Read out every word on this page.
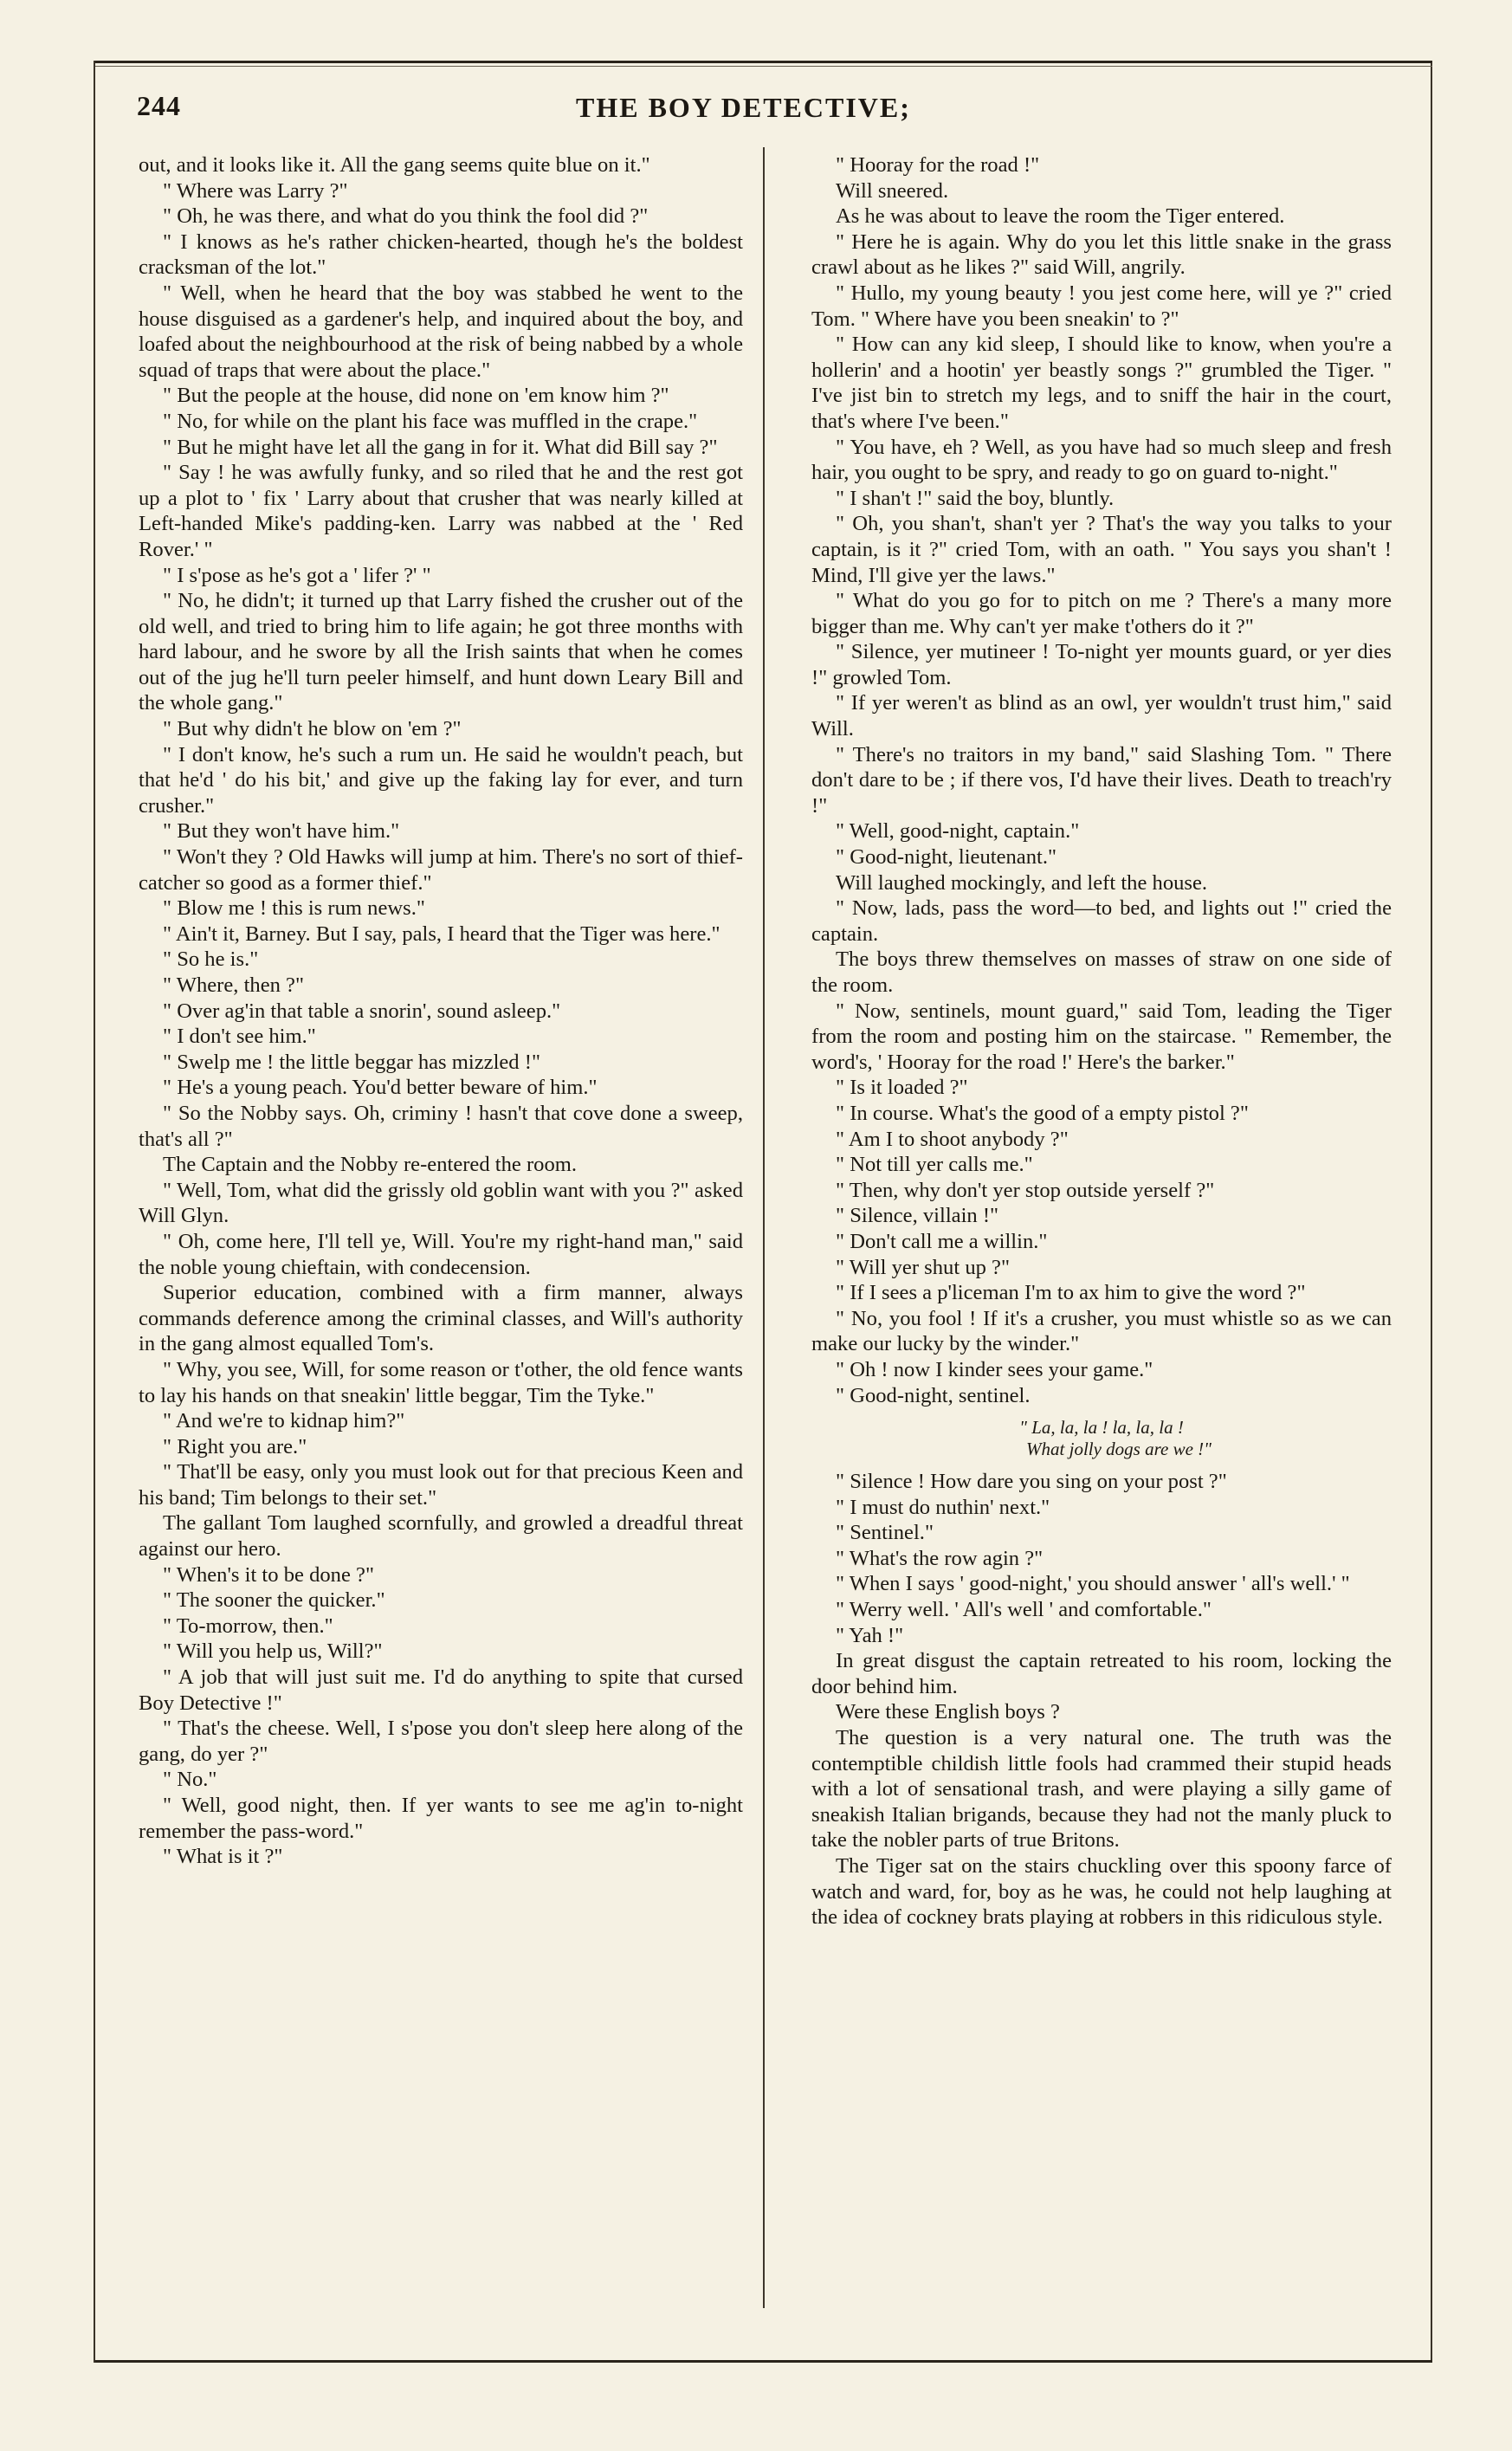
244	THE BOY DETECTIVE;

out, and it looks like it. All the gang seems quite blue on it."

" Where was Larry ?"

" Oh, he was there, and what do you think the fool did ?"

" I knows as he's rather chicken-hearted, though he's the boldest cracksman of the lot."

" Well, when he heard that the boy was stabbed he went to the house disguised as a gardener's help, and inquired about the boy, and loafed about the neighbourhood at the risk of being nabbed by a whole squad of traps that were about the place."

" But the people at the house, did none on 'em know him ?"

" No, for while on the plant his face was muffled in the crape."

" But he might have let all the gang in for it. What did Bill say ?"

" Say ! he was awfully funky, and so riled that he and the rest got up a plot to ' fix ' Larry about that crusher that was nearly killed at Left-handed Mike's padding-ken. Larry was nabbed at the ' Red Rover.' "

" I s'pose as he's got a ' lifer ?' "

" No, he didn't; it turned up that Larry fished the crusher out of the old well, and tried to bring him to life again; he got three months with hard labour, and he swore by all the Irish saints that when he comes out of the jug he'll turn peeler himself, and hunt down Leary Bill and the whole gang."

" But why didn't he blow on 'em ?"

" I don't know, he's such a rum un. He said he wouldn't peach, but that he'd ' do his bit,' and give up the faking lay for ever, and turn crusher."

" But they won't have him."

" Won't they ? Old Hawks will jump at him. There's no sort of thief-catcher so good as a former thief."

" Blow me ! this is rum news."

" Ain't it, Barney. But I say, pals, I heard that the Tiger was here."

" So he is."

" Where, then ?"

" Over ag'in that table a snorin', sound asleep."

" I don't see him."

" Swelp me ! the little beggar has mizzled !"

" He's a young peach. You'd better beware of him."

" So the Nobby says. Oh, criminy ! hasn't that cove done a sweep, that's all ?"

The Captain and the Nobby re-entered the room.

" Well, Tom, what did the grissly old goblin want with you ?" asked Will Glyn.

" Oh, come here, I'll tell ye, Will. You're my right-hand man," said the noble young chieftain, with condecension.

Superior education, combined with a firm manner, always commands deference among the criminal classes, and Will's authority in the gang almost equalled Tom's.

" Why, you see, Will, for some reason or t'other, the old fence wants to lay his hands on that sneakin' little beggar, Tim the Tyke."

" And we're to kidnap him?"

" Right you are."

" That'll be easy, only you must look out for that precious Keen and his band; Tim belongs to their set."

The gallant Tom laughed scornfully, and growled a dreadful threat against our hero.

" When's it to be done ?"

" The sooner the quicker."

" To-morrow, then."

" Will you help us, Will?"

" A job that will just suit me. I'd do anything to spite that cursed Boy Detective !"

" That's the cheese. Well, I s'pose you don't sleep here along of the gang, do yer ?"

" No."

" Well, good night, then. If yer wants to see me ag'in to-night remember the pass-word."

" What is it ?"

" Hooray for the road !"

Will sneered.

As he was about to leave the room the Tiger entered.

" Here he is again. Why do you let this little snake in the grass crawl about as he likes ?" said Will, angrily.

" Hullo, my young beauty ! you jest come here, will ye ?" cried Tom. " Where have you been sneakin' to ?"

" How can any kid sleep, I should like to know, when you're a hollerin' and a hootin' yer beastly songs ?" grumbled the Tiger. " I've jist bin to stretch my legs, and to sniff the hair in the court, that's where I've been."

" You have, eh ? Well, as you have had so much sleep and fresh hair, you ought to be spry, and ready to go on guard to-night."

" I shan't !" said the boy, bluntly.

" Oh, you shan't, shan't yer ? That's the way you talks to your captain, is it ?" cried Tom, with an oath. " You says you shan't ! Mind, I'll give yer the laws."

" What do you go for to pitch on me ? There's a many more bigger than me. Why can't yer make t'others do it ?"

" Silence, yer mutineer ! To-night yer mounts guard, or yer dies !" growled Tom.

" If yer weren't as blind as an owl, yer wouldn't trust him," said Will.

" There's no traitors in my band," said Slashing Tom. " There don't dare to be ; if there vos, I'd have their lives. Death to treach'ry !"

" Well, good-night, captain."

" Good-night, lieutenant."

Will laughed mockingly, and left the house.

" Now, lads, pass the word—to bed, and lights out !" cried the captain.

The boys threw themselves on masses of straw on one side of the room.

" Now, sentinels, mount guard," said Tom, leading the Tiger from the room and posting him on the staircase. " Remember, the word's, ' Hooray for the road !' Here's the barker."

" Is it loaded ?"

" In course. What's the good of a empty pistol ?"

" Am I to shoot anybody ?"

" Not till yer calls me."

" Then, why don't yer stop outside yerself ?"

" Silence, villain !"

" Don't call me a willin."

" Will yer shut up ?"

" If I sees a p'liceman I'm to ax him to give the word ?"

" No, you fool ! If it's a crusher, you must whistle so as we can make our lucky by the winder."

" Oh ! now I kinder sees your game."

" Good-night, sentinel.

" La, la, la ! la, la, la !
What jolly dogs are we !"

" Silence ! How dare you sing on your post ?"

" I must do nuthin' next."

" Sentinel."

" What's the row agin ?"

" When I says ' good-night,' you should answer ' all's well.' "

" Werry well. ' All's well ' and comfortable."

" Yah !"

In great disgust the captain retreated to his room, locking the door behind him.

Were these English boys ?

The question is a very natural one. The truth was the contemptible childish little fools had crammed their stupid heads with a lot of sensational trash, and were playing a silly game of sneakish Italian brigands, because they had not the manly pluck to take the nobler parts of true Britons.

The Tiger sat on the stairs chuckling over this spoony farce of watch and ward, for, boy as he was, he could not help laughing at the idea of cockney brats playing at robbers in this ridiculous style.
